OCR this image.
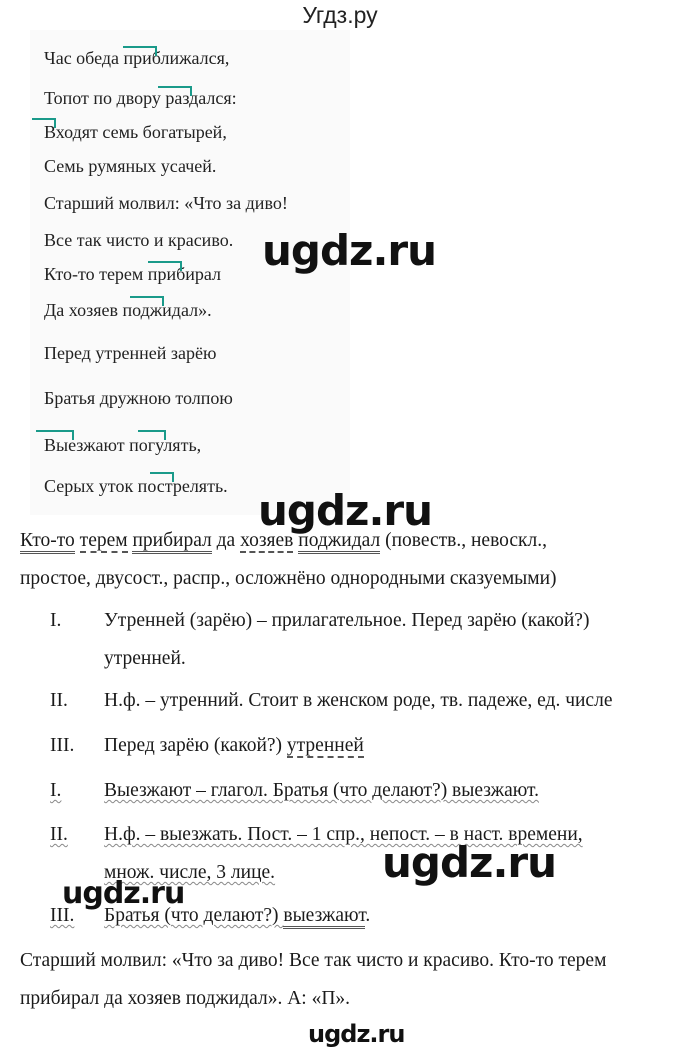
Угдз.ру
Час обеда приближался,
Топот по двору раздался:
Входят семь богатырей,
Семь румяных усачей.
Старший молвил: «Что за диво!
Все так чисто и красиво.
Кто-то терем прибирал
Да хозяев поджидал».
Перед утренней зарёю
Братья дружною толпою
Выезжают погулять,
Серых уток пострелять.
ugdz.ru
ugdz.ru
Кто-то терем прибирал да хозяев поджидал (повеств., невоскл.,
простое, двусост., распр., осложнёно однородными сказуемыми)
I. Утренней (зарёю) – прилагательное. Перед зарёю (какой?)
утренней.
II. Н.ф. – утренний. Стоит в женском роде, тв. падеже, ед. числе
III. Перед зарёю (какой?) утренней
I. Выезжают – глагол. Братья (что делают?) выезжают.
II. Н.ф. – выезжать. Пост. – 1 спр., непост. – в наст. времени,
множ. числе, 3 лице.
III. Братья (что делают?) выезжают.
ugdz.ru
ugdz.ru
Старший молвил: «Что за диво! Все так чисто и красиво. Кто-то терем
прибирал да хозяев поджидал». А: «П».
ugdz.ru
